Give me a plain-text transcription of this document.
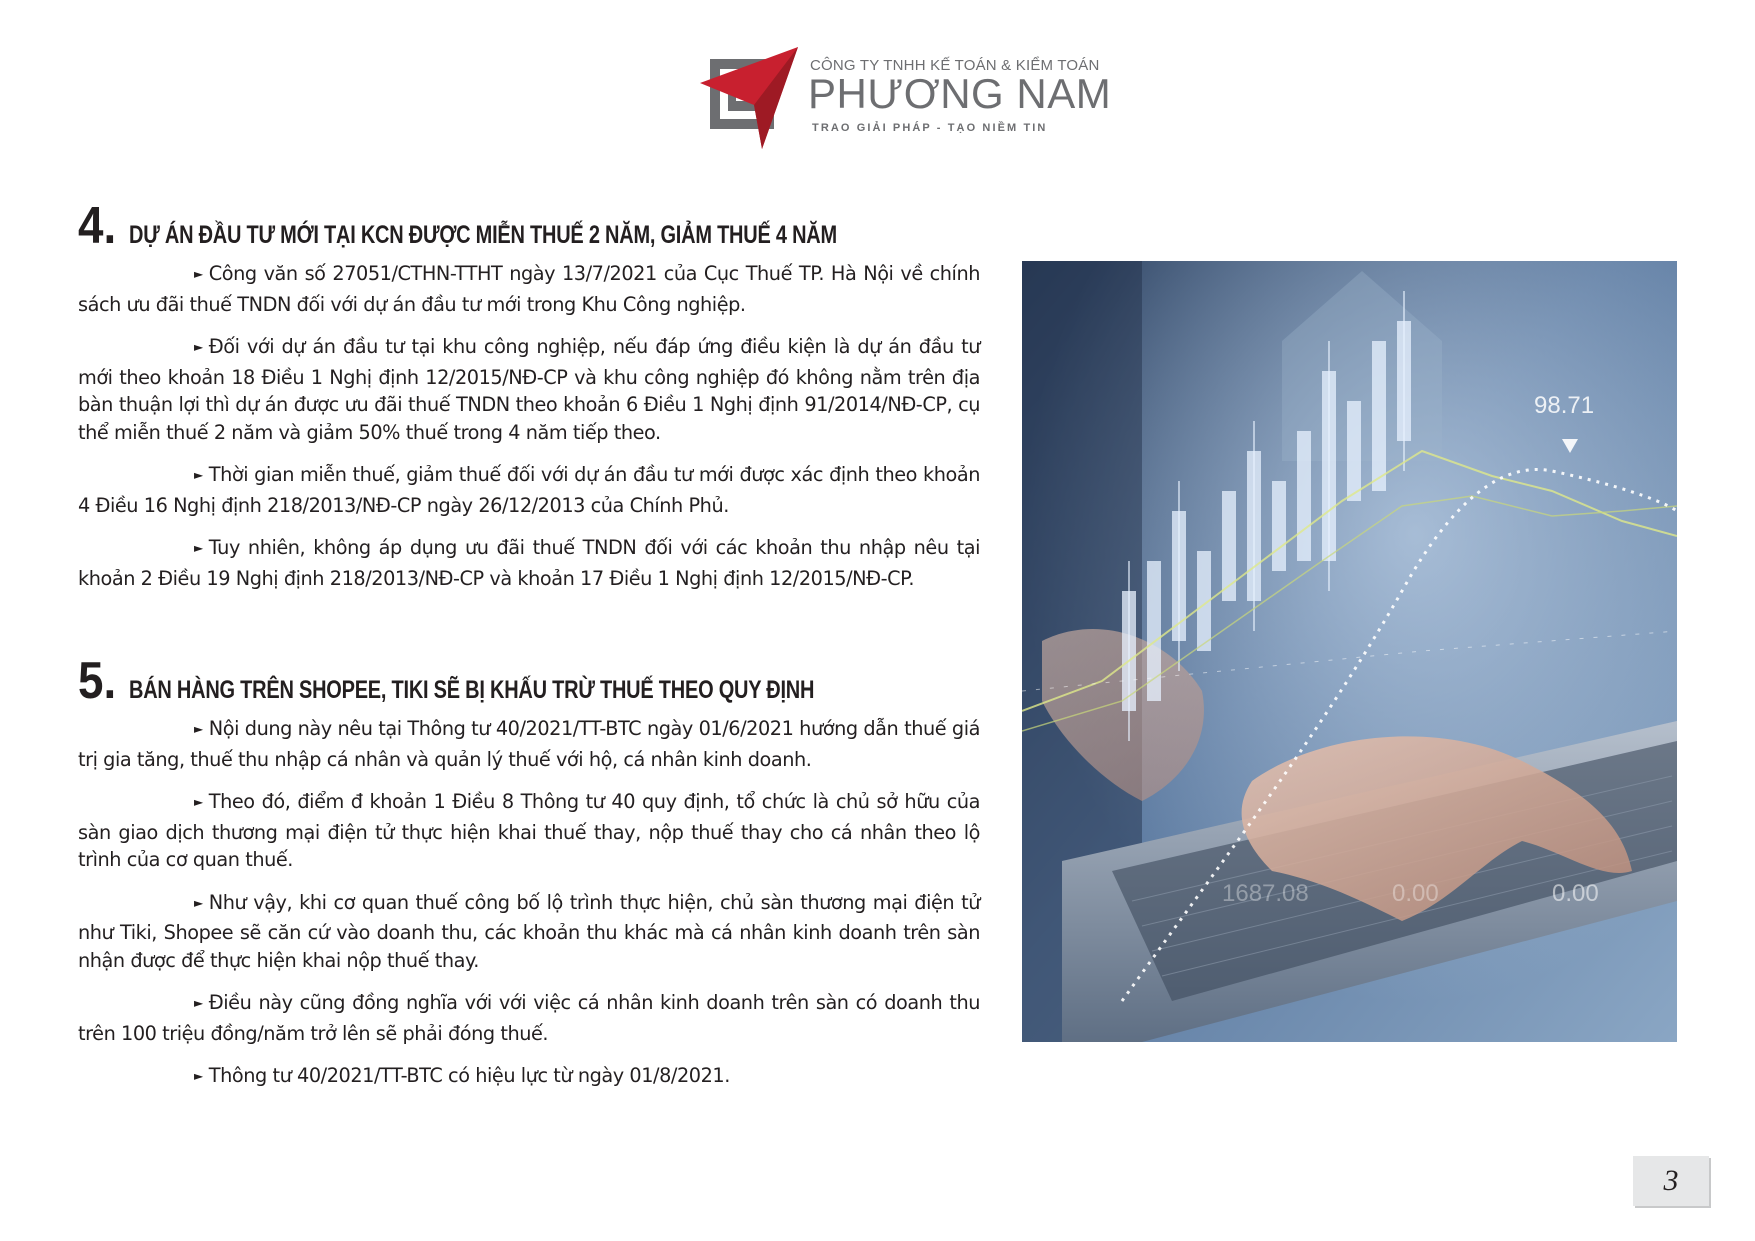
CÔNG TY TNHH KẾ TOÁN & KIỂM TOÁN
PHƯƠNG NAM
TRAO GIẢI PHÁP - TẠO NIỀM TIN
4. DỰ ÁN ĐẦU TƯ MỚI TẠI KCN ĐƯỢC MIỄN THUẾ 2 NĂM, GIẢM THUẾ 4 NĂM

► Công văn số 27051/CTHN-TTHT ngày 13/7/2021 của Cục Thuế TP. Hà Nội về chính sách ưu đãi thuế TNDN đối với dự án đầu tư mới trong Khu Công nghiệp.

► Đối với dự án đầu tư tại khu công nghiệp, nếu đáp ứng điều kiện là dự án đầu tư mới theo khoản 18 Điều 1 Nghị định 12/2015/NĐ-CP và khu công nghiệp đó không nằm trên địa bàn thuận lợi thì dự án được ưu đãi thuế TNDN theo khoản 6 Điều 1 Nghị định 91/2014/NĐ-CP, cụ thể miễn thuế 2 năm và giảm 50% thuế trong 4 năm tiếp theo.

► Thời gian miễn thuế, giảm thuế đối với dự án đầu tư mới được xác định theo khoản 4 Điều 16 Nghị định 218/2013/NĐ-CP ngày 26/12/2013 của Chính Phủ.

► Tuy nhiên, không áp dụng ưu đãi thuế TNDN đối với các khoản thu nhập nêu tại khoản 2 Điều 19 Nghị định 218/2013/NĐ-CP và khoản 17 Điều 1 Nghị định 12/2015/NĐ-CP.

5. BÁN HÀNG TRÊN SHOPEE, TIKI SẼ BỊ KHẤU TRỪ THUẾ THEO QUY ĐỊNH

► Nội dung này nêu tại Thông tư 40/2021/TT-BTC ngày 01/6/2021 hướng dẫn thuế giá trị gia tăng, thuế thu nhập cá nhân và quản lý thuế với hộ, cá nhân kinh doanh.

► Theo đó, điểm đ khoản 1 Điều 8 Thông tư 40 quy định, tổ chức là chủ sở hữu của sàn giao dịch thương mại điện tử thực hiện khai thuế thay, nộp thuế thay cho cá nhân theo lộ trình của cơ quan thuế.

► Như vậy, khi cơ quan thuế công bố lộ trình thực hiện, chủ sàn thương mại điện tử như Tiki, Shopee sẽ căn cứ vào doanh thu, các khoản thu khác mà cá nhân kinh doanh trên sàn nhận được để thực hiện khai nộp thuế thay.

► Điều này cũng đồng nghĩa với với việc cá nhân kinh doanh trên sàn có doanh thu trên 100 triệu đồng/năm trở lên sẽ phải đóng thuế.

► Thông tư 40/2021/TT-BTC có hiệu lực từ ngày 01/8/2021.

98.71
1687.08	0.00	0.00
3
